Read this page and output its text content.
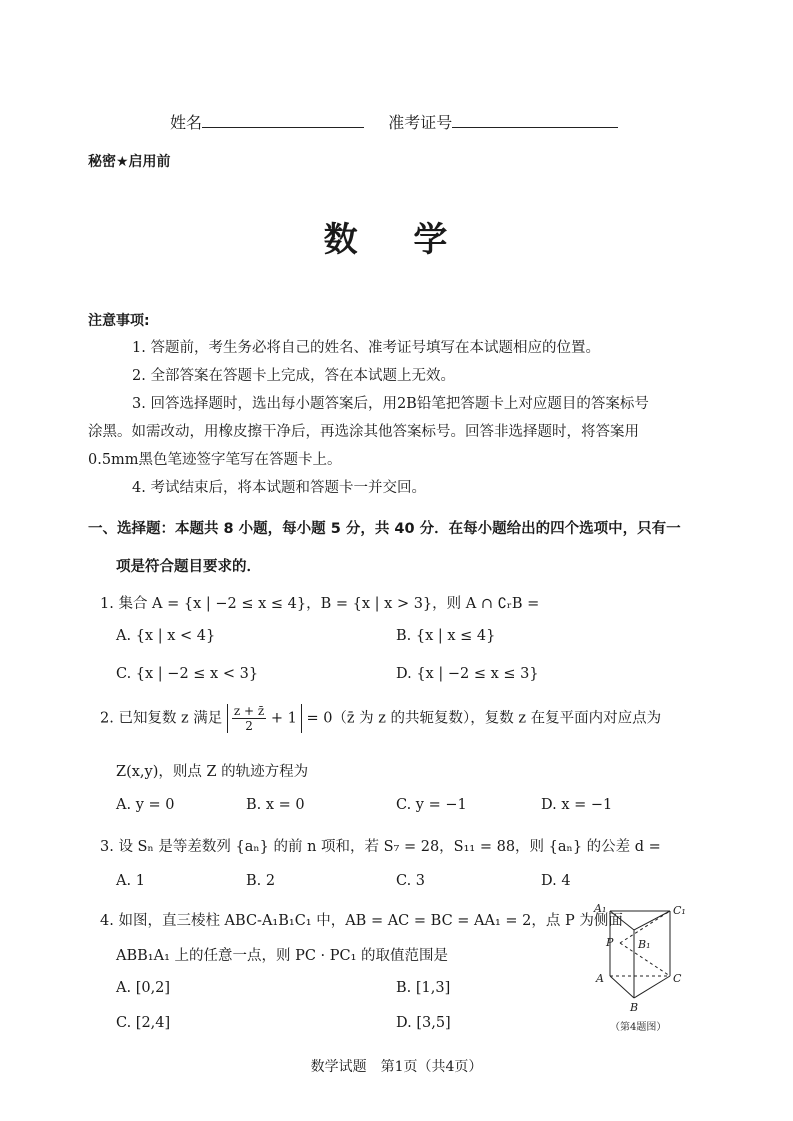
姓名	准考证号
秘密★启用前
数 学
注意事项:
1. 答题前，考生务必将自己的姓名、准考证号填写在本试题相应的位置。
2. 全部答案在答题卡上完成，答在本试题上无效。
3. 回答选择题时，选出每小题答案后，用2B铅笔把答题卡上对应题目的答案标号
涂黑。如需改动，用橡皮擦干净后，再选涂其他答案标号。回答非选择题时，将答案用
0.5mm黑色笔迹签字笔写在答题卡上。
4. 考试结束后，将本试题和答题卡一并交回。
一、选择题：本题共 8 小题，每小题 5 分，共 40 分．在每小题给出的四个选项中，只有一
项是符合题目要求的．
1. 集合 A = {x | −2 ≤ x ≤ 4}，B = {x | x > 3}，则 A ∩ ∁ᵣB =
A. {x | x < 4}	B. {x | x ≤ 4}
C. {x | −2 ≤ x < 3}	D. {x | −2 ≤ x ≤ 3}
2. 已知复数 z 满足 $\frac{z + z̄}{2} + 1$ = 0（z̄ 为 z 的共轭复数），复数 z 在复平面内对应点为
Z(x,y)，则点 Z 的轨迹方程为
A. y = 0	B. x = 0	C. y = −1	D. x = −1
3. 设 Sₙ 是等差数列 {aₙ} 的前 n 项和，若 S₇ = 28，S₁₁ = 88，则 {aₙ} 的公差 d =
A. 1	B. 2	C. 3	D. 4
4. 如图，直三棱柱 ABC-A₁B₁C₁ 中，AB = AC = BC = AA₁ = 2，点 P 为侧面
ABB₁A₁ 上的任意一点，则 PC · PC₁ 的取值范围是
A. [0,2]	B. [1,3]
C. [2,4]	D. [3,5]
A₁	C₁
P B₁
A	C
B
（第4题图）
数学试题　第1页（共4页）
